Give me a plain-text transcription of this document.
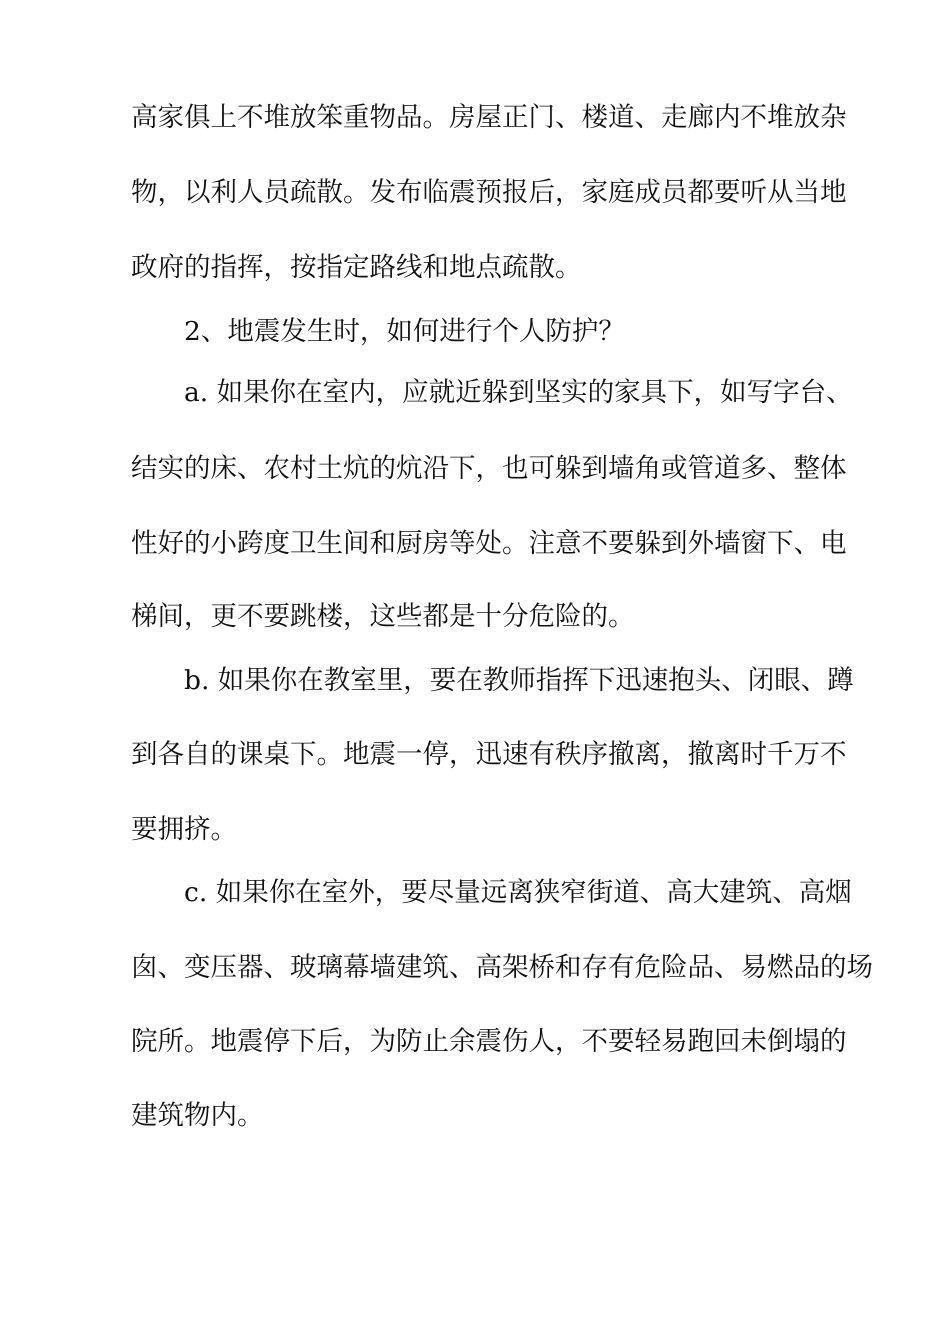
高家俱上不堆放笨重物品。房屋正门、楼道、走廊内不堆放杂
物，以利人员疏散。发布临震预报后，家庭成员都要听从当地
政府的指挥，按指定路线和地点疏散。
2、地震发生时，如何进行个人防护？
a. 如果你在室内，应就近躲到坚实的家具下，如写字台、
结实的床、农村土炕的炕沿下，也可躲到墙角或管道多、整体
性好的小跨度卫生间和厨房等处。注意不要躲到外墙窗下、电
梯间，更不要跳楼，这些都是十分危险的。
b. 如果你在教室里，要在教师指挥下迅速抱头、闭眼、蹲
到各自的课桌下。地震一停，迅速有秩序撤离，撤离时千万不
要拥挤。
c. 如果你在室外，要尽量远离狭窄街道、高大建筑、高烟
囱、变压器、玻璃幕墙建筑、高架桥和存有危险品、易燃品的场
院所。地震停下后，为防止余震伤人，不要轻易跑回未倒塌的
建筑物内。
